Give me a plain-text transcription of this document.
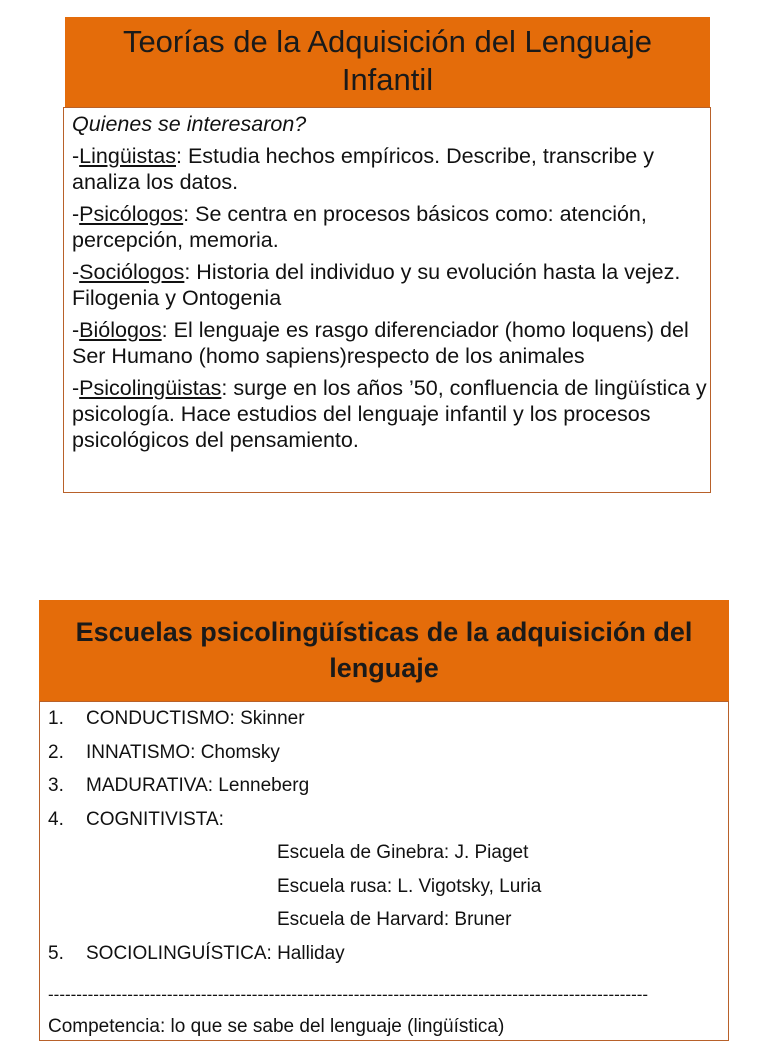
Teorías de la Adquisición del Lenguaje
Infantil
Quienes se interesaron?
-Lingüistas: Estudia hechos empíricos. Describe, transcribe y analiza los datos.
-Psicólogos: Se centra en procesos básicos como: atención, percepción, memoria.
-Sociólogos: Historia del individuo y su evolución hasta la vejez. Filogenia y Ontogenia
-Biólogos: El lenguaje es rasgo diferenciador (homo loquens) del Ser Humano (homo sapiens)respecto de los animales
-Psicolingüistas: surge en los años ’50, confluencia de lingüística y psicología. Hace estudios del lenguaje infantil y los procesos psicológicos del pensamiento.
Escuelas psicolingüísticas de la adquisición del
lenguaje
1. CONDUCTISMO: Skinner
2. INNATISMO: Chomsky
3. MADURATIVA: Lenneberg
4. COGNITIVISTA:
Escuela de Ginebra: J. Piaget
Escuela rusa: L. Vigotsky, Luria
Escuela de Harvard: Bruner
5. SOCIOLINGUÍSTICA: Halliday
----------------------------------------------------------------------------------------------------------
Competencia: lo que se sabe del lenguaje (lingüística)
